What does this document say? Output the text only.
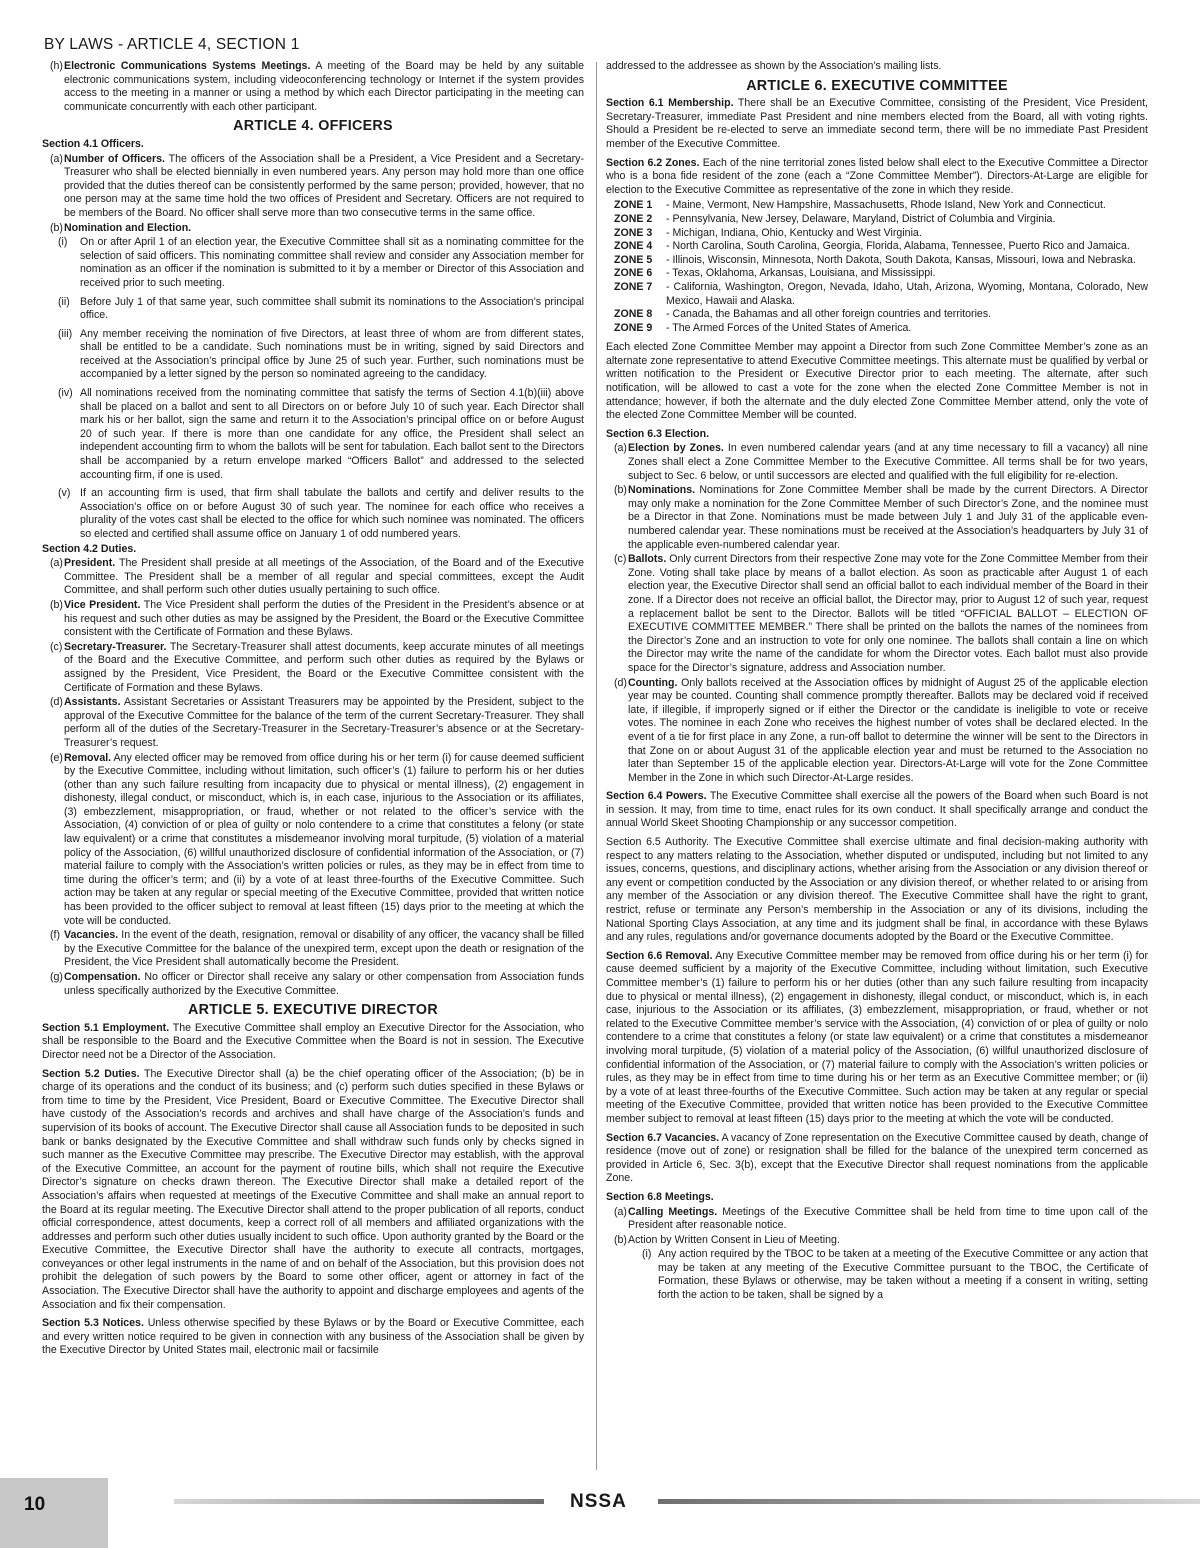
BY LAWS - ARTICLE 4, SECTION 1
(h) Electronic Communications Systems Meetings. A meeting of the Board may be held by any suitable electronic communications system, including videoconferencing technology or Internet if the system provides access to the meeting in a manner or using a method by which each Director participating in the meeting can communicate concurrently with each other participant.
ARTICLE 4. OFFICERS
Section 4.1 Officers.
(a) Number of Officers. The officers of the Association shall be a President, a Vice President and a Secretary-Treasurer who shall be elected biennially in even numbered years. Any person may hold more than one office provided that the duties thereof can be consistently performed by the same person; provided, however, that no one person may at the same time hold the two offices of President and Secretary. Officers are not required to be members of the Board. No officer shall serve more than two consecutive terms in the same office.
(b) Nomination and Election.
(i) On or after April 1 of an election year, the Executive Committee shall sit as a nominating committee for the selection of said officers. This nominating committee shall review and consider any Association member for nomination as an officer if the nomination is submitted to it by a member or Director of this Association and received prior to such meeting.
(ii) Before July 1 of that same year, such committee shall submit its nominations to the Association’s principal office.
(iii) Any member receiving the nomination of five Directors, at least three of whom are from different states, shall be entitled to be a candidate. Such nominations must be in writing, signed by said Directors and received at the Association’s principal office by June 25 of such year. Further, such nominations must be accompanied by a letter signed by the person so nominated agreeing to the candidacy.
(iv) All nominations received from the nominating committee that satisfy the terms of Section 4.1(b)(iii) above shall be placed on a ballot and sent to all Directors on or before July 10 of such year. Each Director shall mark his or her ballot, sign the same and return it to the Association’s principal office on or before August 20 of such year. If there is more than one candidate for any office, the President shall select an independent accounting firm to whom the ballots will be sent for tabulation. Each ballot sent to the Directors shall be accompanied by a return envelope marked “Officers Ballot” and addressed to the selected accounting firm, if one is used.
(v) If an accounting firm is used, that firm shall tabulate the ballots and certify and deliver results to the Association’s office on or before August 30 of such year. The nominee for each office who receives a plurality of the votes cast shall be elected to the office for which such nominee was nominated. The officers so elected and certified shall assume office on January 1 of odd numbered years.
Section 4.2 Duties.
(a) President. The President shall preside at all meetings of the Association, of the Board and of the Executive Committee. The President shall be a member of all regular and special committees, except the Audit Committee, and shall perform such other duties usually pertaining to such office.
(b) Vice President. The Vice President shall perform the duties of the President in the President’s absence or at his request and such other duties as may be assigned by the President, the Board or the Executive Committee consistent with the Certificate of Formation and these Bylaws.
(c) Secretary-Treasurer. The Secretary-Treasurer shall attest documents, keep accurate minutes of all meetings of the Board and the Executive Committee, and perform such other duties as required by the Bylaws or assigned by the President, Vice President, the Board or the Executive Committee consistent with the Certificate of Formation and these Bylaws.
(d) Assistants. Assistant Secretaries or Assistant Treasurers may be appointed by the President, subject to the approval of the Executive Committee for the balance of the term of the current Secretary-Treasurer. They shall perform all of the duties of the Secretary-Treasurer in the Secretary-Treasurer’s absence or at the Secretary-Treasurer’s request.
(e) Removal. Any elected officer may be removed from office during his or her term (i) for cause deemed sufficient by the Executive Committee, including without limitation, such officer’s (1) failure to perform his or her duties (other than any such failure resulting from incapacity due to physical or mental illness), (2) engagement in dishonesty, illegal conduct, or misconduct, which is, in each case, injurious to the Association or its affiliates, (3) embezzlement, misappropriation, or fraud, whether or not related to the officer’s service with the Association, (4) conviction of or plea of guilty or nolo contendere to a crime that constitutes a felony (or state law equivalent) or a crime that constitutes a misdemeanor involving moral turpitude, (5) violation of a material policy of the Association, (6) willful unauthorized disclosure of confidential information of the Association, or (7) material failure to comply with the Association’s written policies or rules, as they may be in effect from time to time during the officer’s term; and (ii) by a vote of at least three-fourths of the Executive Committee. Such action may be taken at any regular or special meeting of the Executive Committee, provided that written notice has been provided to the officer subject to removal at least fifteen (15) days prior to the meeting at which the vote will be conducted.
(f) Vacancies. In the event of the death, resignation, removal or disability of any officer, the vacancy shall be filled by the Executive Committee for the balance of the unexpired term, except upon the death or resignation of the President, the Vice President shall automatically become the President.
(g) Compensation. No officer or Director shall receive any salary or other compensation from Association funds unless specifically authorized by the Executive Committee.
ARTICLE 5. EXECUTIVE DIRECTOR
Section 5.1 Employment. The Executive Committee shall employ an Executive Director for the Association, who shall be responsible to the Board and the Executive Committee when the Board is not in session. The Executive Director need not be a Director of the Association.
Section 5.2 Duties. The Executive Director shall (a) be the chief operating officer of the Association; (b) be in charge of its operations and the conduct of its business; and (c) perform such duties specified in these Bylaws or from time to time by the President, Vice President, Board or Executive Committee. The Executive Director shall have custody of the Association’s records and archives and shall have charge of the Association’s funds and supervision of its books of account. The Executive Director shall cause all Association funds to be deposited in such bank or banks designated by the Executive Committee and shall withdraw such funds only by checks signed in such manner as the Executive Committee may prescribe. The Executive Director may establish, with the approval of the Executive Committee, an account for the payment of routine bills, which shall not require the Executive Director’s signature on checks drawn thereon. The Executive Director shall make a detailed report of the Association’s affairs when requested at meetings of the Executive Committee and shall make an annual report to the Board at its regular meeting. The Executive Director shall attend to the proper publication of all reports, conduct official correspondence, attest documents, keep a correct roll of all members and affiliated organizations with the addresses and perform such other duties usually incident to such office. Upon authority granted by the Board or the Executive Committee, the Executive Director shall have the authority to execute all contracts, mortgages, conveyances or other legal instruments in the name of and on behalf of the Association, but this provision does not prohibit the delegation of such powers by the Board to some other officer, agent or attorney in fact of the Association. The Executive Director shall have the authority to appoint and discharge employees and agents of the Association and fix their compensation.
Section 5.3 Notices. Unless otherwise specified by these Bylaws or by the Board or Executive Committee, each and every written notice required to be given in connection with any business of the Association shall be given by the Executive Director by United States mail, electronic mail or facsimile
addressed to the addressee as shown by the Association’s mailing lists.
ARTICLE 6. EXECUTIVE COMMITTEE
Section 6.1 Membership. There shall be an Executive Committee, consisting of the President, Vice President, Secretary-Treasurer, immediate Past President and nine members elected from the Board, all with voting rights. Should a President be re-elected to serve an immediate second term, there will be no immediate Past President member of the Executive Committee.
Section 6.2 Zones. Each of the nine territorial zones listed below shall elect to the Executive Committee a Director who is a bona fide resident of the zone (each a “Zone Committee Member”). Directors-At-Large are eligible for election to the Executive Committee as representative of the zone in which they reside.
ZONE 1 - Maine, Vermont, New Hampshire, Massachusetts, Rhode Island, New York and Connecticut.
ZONE 2 - Pennsylvania, New Jersey, Delaware, Maryland, District of Columbia and Virginia.
ZONE 3 - Michigan, Indiana, Ohio, Kentucky and West Virginia.
ZONE 4 - North Carolina, South Carolina, Georgia, Florida, Alabama, Tennessee, Puerto Rico and Jamaica.
ZONE 5 - Illinois, Wisconsin, Minnesota, North Dakota, South Dakota, Kansas, Missouri, Iowa and Nebraska.
ZONE 6 - Texas, Oklahoma, Arkansas, Louisiana, and Mississippi.
ZONE 7 - California, Washington, Oregon, Nevada, Idaho, Utah, Arizona, Wyoming, Montana, Colorado, New Mexico, Hawaii and Alaska.
ZONE 8 - Canada, the Bahamas and all other foreign countries and territories.
ZONE 9 - The Armed Forces of the United States of America.
Each elected Zone Committee Member may appoint a Director from such Zone Committee Member’s zone as an alternate zone representative to attend Executive Committee meetings. This alternate must be qualified by verbal or written notification to the President or Executive Director prior to each meeting. The alternate, after such notification, will be allowed to cast a vote for the zone when the elected Zone Committee Member is not in attendance; however, if both the alternate and the duly elected Zone Committee Member attend, only the vote of the elected Zone Committee Member will be counted.
Section 6.3 Election.
(a) Election by Zones. In even numbered calendar years (and at any time necessary to fill a vacancy) all nine Zones shall elect a Zone Committee Member to the Executive Committee. All terms shall be for two years, subject to Sec. 6 below, or until successors are elected and qualified with the full eligibility for re-election.
(b) Nominations. Nominations for Zone Committee Member shall be made by the current Directors. A Director may only make a nomination for the Zone Committee Member of such Director’s Zone, and the nominee must be a Director in that Zone. Nominations must be made between July 1 and July 31 of the applicable even-numbered calendar year. These nominations must be received at the Association’s headquarters by July 31 of the applicable even-numbered calendar year.
(c) Ballots. Only current Directors from their respective Zone may vote for the Zone Committee Member from their Zone. Voting shall take place by means of a ballot election. As soon as practicable after August 1 of each election year, the Executive Director shall send an official ballot to each individual member of the Board in their zone. If a Director does not receive an official ballot, the Director may, prior to August 12 of such year, request a replacement ballot be sent to the Director. Ballots will be titled “OFFICIAL BALLOT – ELECTION OF EXECUTIVE COMMITTEE MEMBER.” There shall be printed on the ballots the names of the nominees from the Director’s Zone and an instruction to vote for only one nominee. The ballots shall contain a line on which the Director may write the name of the candidate for whom the Director votes. Each ballot must also provide space for the Director’s signature, address and Association number.
(d) Counting. Only ballots received at the Association offices by midnight of August 25 of the applicable election year may be counted. Counting shall commence promptly thereafter. Ballots may be declared void if received late, if illegible, if improperly signed or if either the Director or the candidate is ineligible to vote or receive votes. The nominee in each Zone who receives the highest number of votes shall be declared elected. In the event of a tie for first place in any Zone, a run-off ballot to determine the winner will be sent to the Directors in that Zone on or about August 31 of the applicable election year and must be returned to the Association no later than September 15 of the applicable election year. Directors-At-Large will vote for the Zone Committee Member in the Zone in which such Director-At-Large resides.
Section 6.4 Powers. The Executive Committee shall exercise all the powers of the Board when such Board is not in session. It may, from time to time, enact rules for its own conduct. It shall specifically arrange and conduct the annual World Skeet Shooting Championship or any successor competition.
Section 6.5 Authority. The Executive Committee shall exercise ultimate and final decision-making authority with respect to any matters relating to the Association, whether disputed or undisputed, including but not limited to any issues, concerns, questions, and disciplinary actions, whether arising from the Association or any division thereof or any event or competition conducted by the Association or any division thereof, or whether related to or arising from any member of the Association or any division thereof. The Executive Committee shall have the right to grant, restrict, refuse or terminate any Person’s membership in the Association or any of its divisions, including the National Sporting Clays Association, at any time and its judgment shall be final, in accordance with these Bylaws and any rules, regulations and/or governance documents adopted by the Board or the Executive Committee.
Section 6.6 Removal. Any Executive Committee member may be removed from office during his or her term (i) for cause deemed sufficient by a majority of the Executive Committee, including without limitation, such Executive Committee member’s (1) failure to perform his or her duties (other than any such failure resulting from incapacity due to physical or mental illness), (2) engagement in dishonesty, illegal conduct, or misconduct, which is, in each case, injurious to the Association or its affiliates, (3) embezzlement, misappropriation, or fraud, whether or not related to the Executive Committee member’s service with the Association, (4) conviction of or plea of guilty or nolo contendere to a crime that constitutes a felony (or state law equivalent) or a crime that constitutes a misdemeanor involving moral turpitude, (5) violation of a material policy of the Association, (6) willful unauthorized disclosure of confidential information of the Association, or (7) material failure to comply with the Association’s written policies or rules, as they may be in effect from time to time during his or her term as an Executive Committee member; or (ii) by a vote of at least three-fourths of the Executive Committee. Such action may be taken at any regular or special meeting of the Executive Committee, provided that written notice has been provided to the Executive Committee member subject to removal at least fifteen (15) days prior to the meeting at which the vote will be conducted.
Section 6.7 Vacancies. A vacancy of Zone representation on the Executive Committee caused by death, change of residence (move out of zone) or resignation shall be filled for the balance of the unexpired term concerned as provided in Article 6, Sec. 3(b), except that the Executive Director shall request nominations from the applicable Zone.
Section 6.8 Meetings.
(a) Calling Meetings. Meetings of the Executive Committee shall be held from time to time upon call of the President after reasonable notice.
(b) Action by Written Consent in Lieu of Meeting.
(i) Any action required by the TBOC to be taken at a meeting of the Executive Committee or any action that may be taken at any meeting of the Executive Committee pursuant to the TBOC, the Certificate of Formation, these Bylaws or otherwise, may be taken without a meeting if a consent in writing, setting forth the action to be taken, shall be signed by a
10	NSSA
